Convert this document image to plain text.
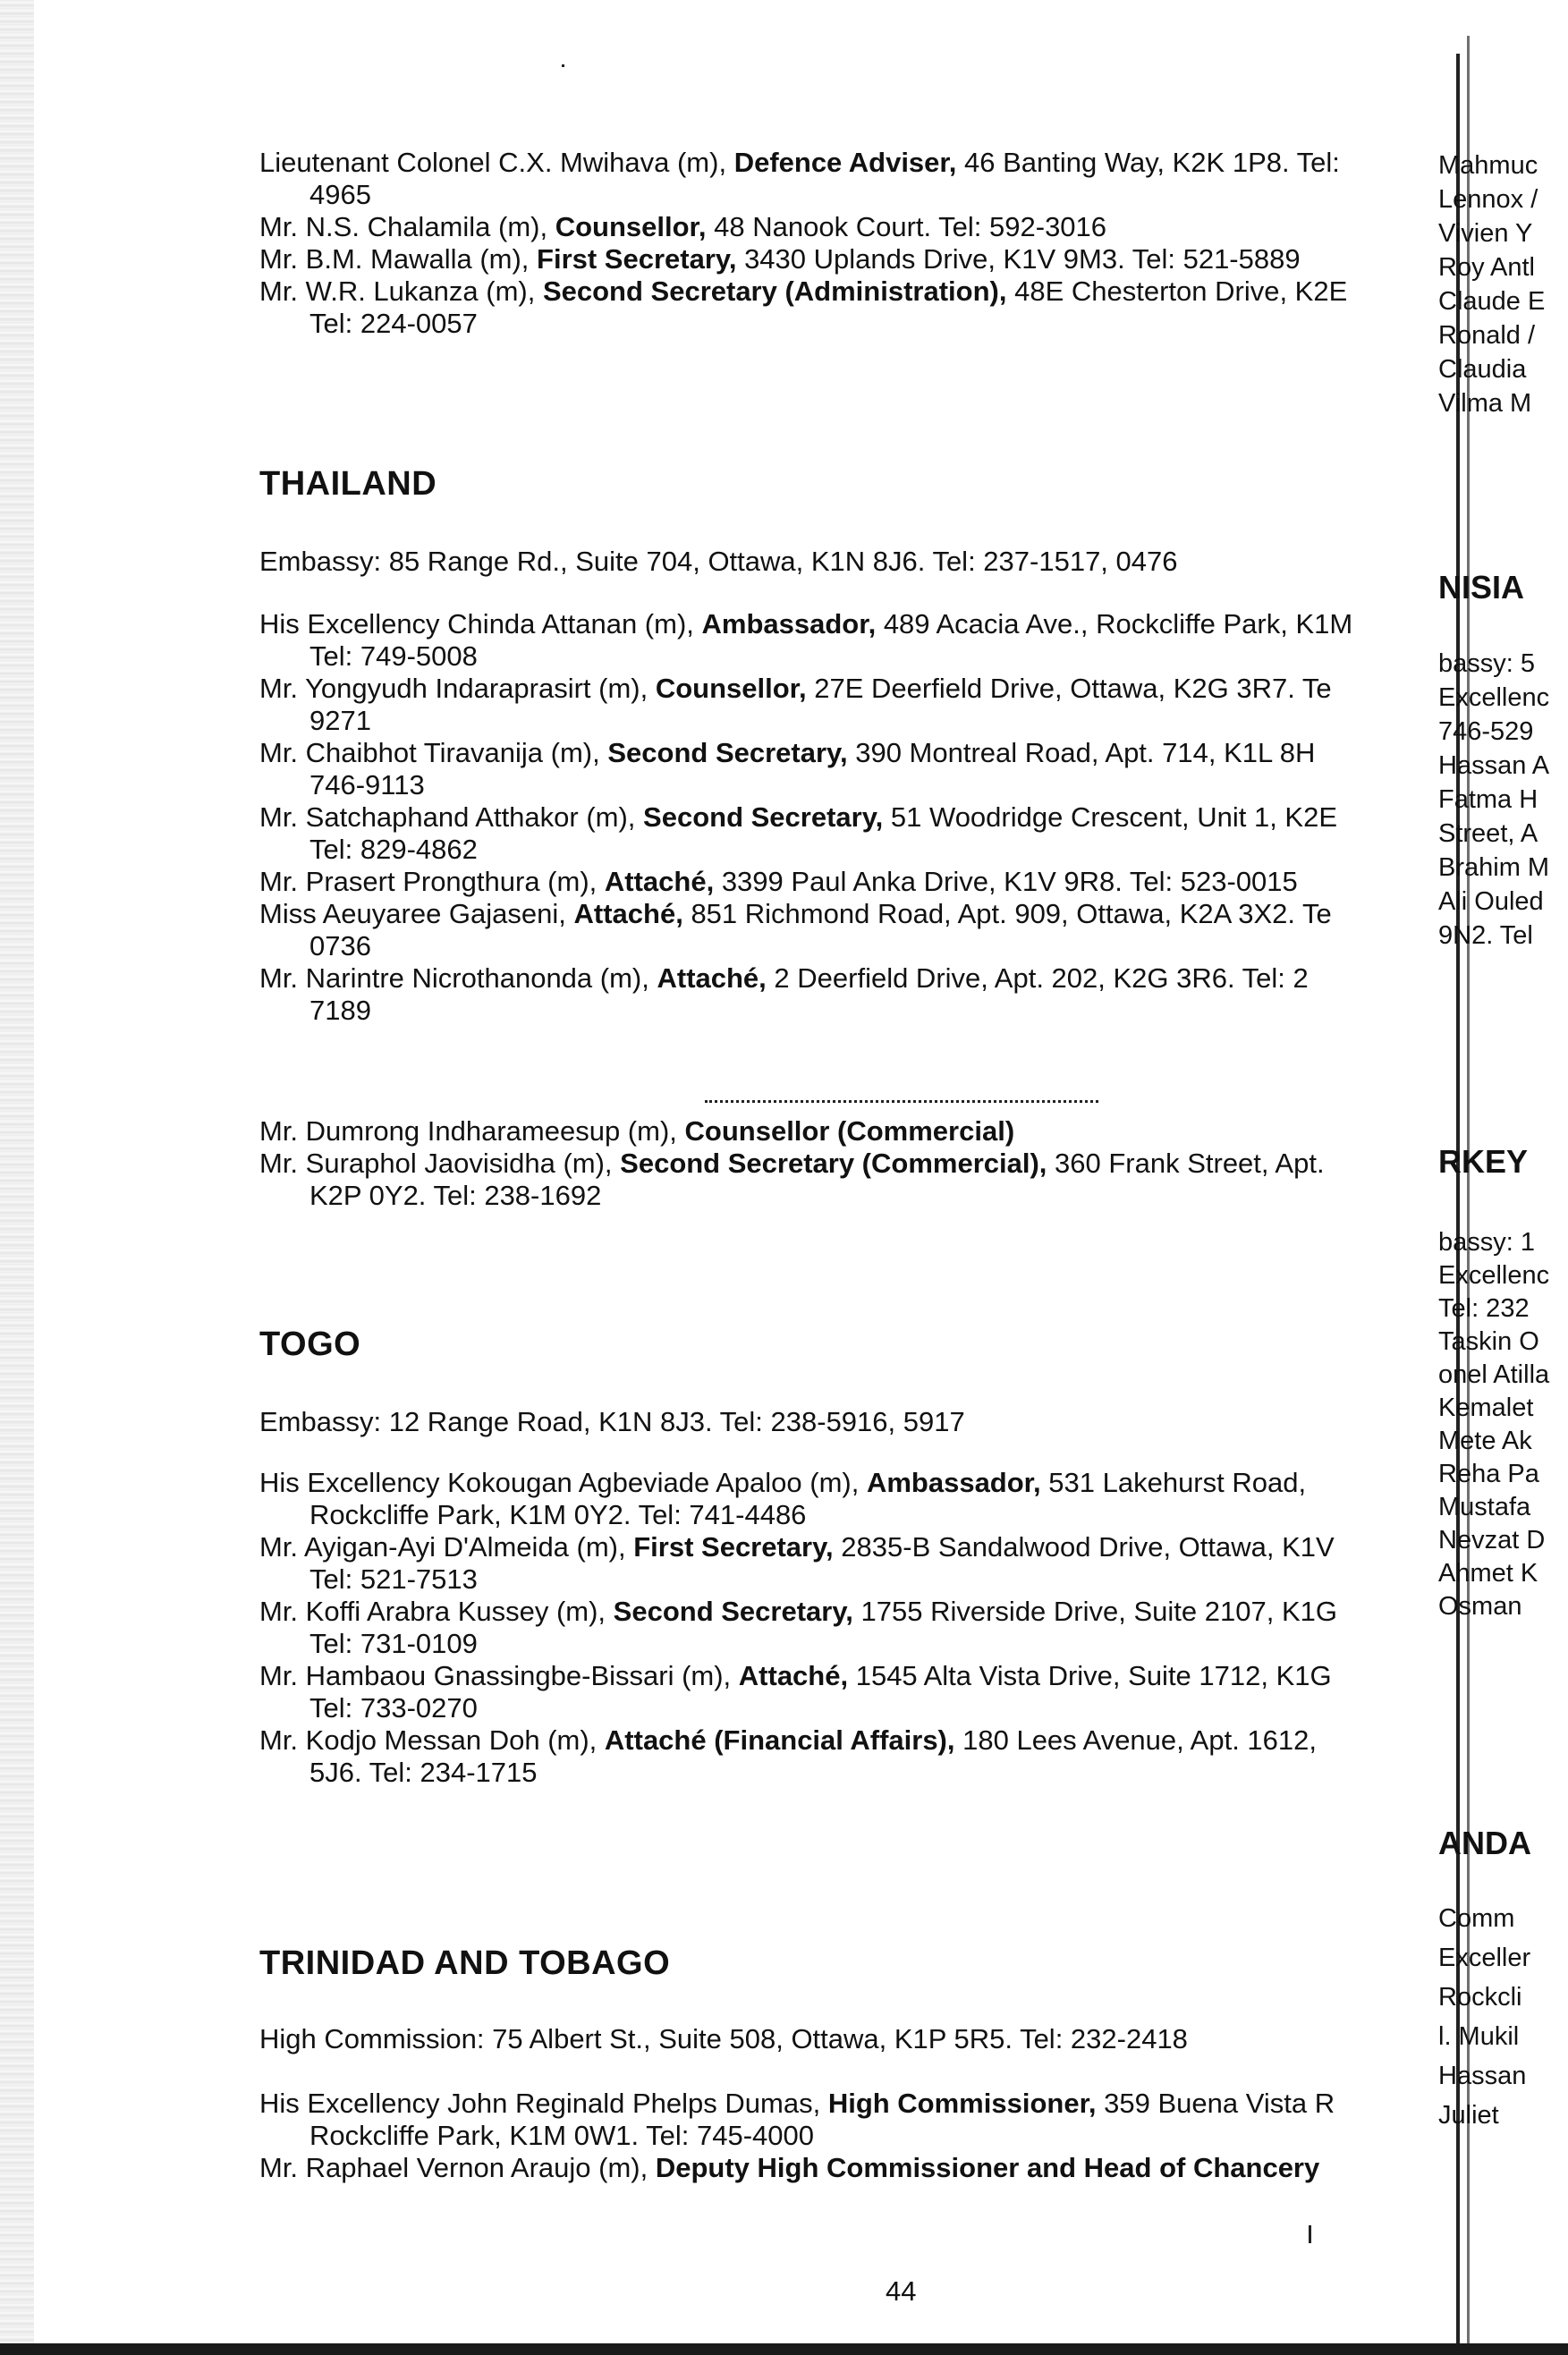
Lieutenant Colonel C.X. Mwihava (m), Defence Adviser, 46 Banting Way, K2K 1P8. Tel:
4965
Mr. N.S. Chalamila (m), Counsellor, 48 Nanook Court. Tel: 592-3016
Mr. B.M. Mawalla (m), First Secretary, 3430 Uplands Drive, K1V 9M3. Tel: 521-5889
Mr. W.R. Lukanza (m), Second Secretary (Administration), 48E Chesterton Drive, K2E
Tel: 224-0057
THAILAND
Embassy: 85 Range Rd., Suite 704, Ottawa, K1N 8J6. Tel: 237-1517, 0476
His Excellency Chinda Attanan (m), Ambassador, 489 Acacia Ave., Rockcliffe Park, K1M
Tel: 749-5008
Mr. Yongyudh Indaraprasirt (m), Counsellor, 27E Deerfield Drive, Ottawa, K2G 3R7. Te
9271
Mr. Chaibhot Tiravanija (m), Second Secretary, 390 Montreal Road, Apt. 714, K1L 8H
746-9113
Mr. Satchaphand Atthakor (m), Second Secretary, 51 Woodridge Crescent, Unit 1, K2E
Tel: 829-4862
Mr. Prasert Prongthura (m), Attaché, 3399 Paul Anka Drive, K1V 9R8. Tel: 523-0015
Miss Aeuyaree Gajaseni, Attaché, 851 Richmond Road, Apt. 909, Ottawa, K2A 3X2. Te
0736
Mr. Narintre Nicrothanonda (m), Attaché, 2 Deerfield Drive, Apt. 202, K2G 3R6. Tel: 2
7189
Mr. Dumrong Indharameesup (m), Counsellor (Commercial)
Mr. Suraphol Jaovisidha (m), Second Secretary (Commercial), 360 Frank Street, Apt.
K2P 0Y2. Tel: 238-1692
TOGO
Embassy: 12 Range Road, K1N 8J3. Tel: 238-5916, 5917
His Excellency Kokougan Agbeviade Apaloo (m), Ambassador, 531 Lakehurst Road,
Rockcliffe Park, K1M 0Y2. Tel: 741-4486
Mr. Ayigan-Ayi D'Almeida (m), First Secretary, 2835-B Sandalwood Drive, Ottawa, K1V
Tel: 521-7513
Mr. Koffi Arabra Kussey (m), Second Secretary, 1755 Riverside Drive, Suite 2107, K1G
Tel: 731-0109
Mr. Hambaou Gnassingbe-Bissari (m), Attaché, 1545 Alta Vista Drive, Suite 1712, K1G
Tel: 733-0270
Mr. Kodjo Messan Doh (m), Attaché (Financial Affairs), 180 Lees Avenue, Apt. 1612,
5J6. Tel: 234-1715
TRINIDAD AND TOBAGO
High Commission: 75 Albert St., Suite 508, Ottawa, K1P 5R5. Tel: 232-2418
His Excellency John Reginald Phelps Dumas, High Commissioner, 359 Buena Vista R
Rockcliffe Park, K1M 0W1. Tel: 745-4000
Mr. Raphael Vernon Araujo (m), Deputy High Commissioner and Head of Chancery
44
Mahmuc
Lennox /
Vivien Y
Roy Antl
Claude E
Ronald /
Claudia
Vilma M
NISIA
bassy: 5
Excellenc
746-529
Hassan A
Fatma H
Street, A
Brahim M
Ali Ouled
9N2. Tel
RKEY
bassy: 1
Excellenc
Tel: 232
Taskin O
onel Atilla
Kemalet
Mete Ak
Reha Pa
Mustafa
Nevzat D
Ahmet K
Osman
ANDA
Comm
Exceller
Rockcli
l. Mukil
Hassan
Juliet
